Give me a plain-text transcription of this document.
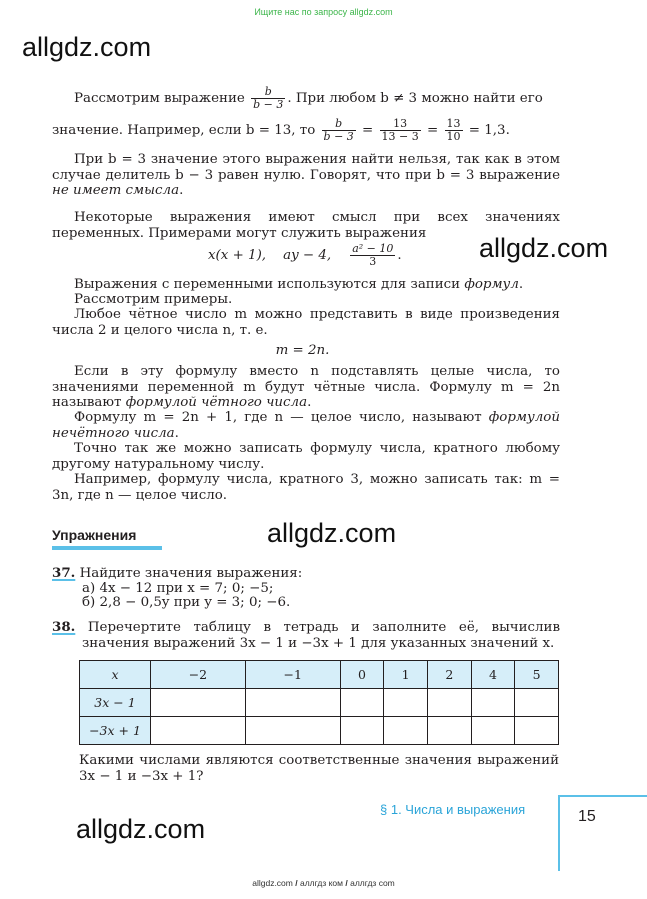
Ищите нас по запросу allgdz.com
allgdz.com
allgdz.com
allgdz.com
allgdz.com
Рассмотрим выражение $\frac{b}{b - 3}$ . При любом b ≠ 3 можно найти его
значение. Например, если b = 13, то $\frac{b}{b - 3} = \frac{13}{13 - 3} = \frac{13}{10} = 1,3$.
При b = 3 значение этого выражения найти нельзя, так как в этом случае делитель b − 3 равен нулю. Говорят, что при b = 3 выражение не имеет смысла.
Некоторые выражения имеют смысл при всех значениях переменных. Примерами могут служить выражения
x(x + 1), ay − 4, $\frac{\text{a² − 10}}{3}$ .
Выражения с переменными используются для записи формул.
Рассмотрим примеры.
Любое чётное число m можно представить в виде произведения числа 2 и целого числа n, т. е.
m = 2n.
Если в эту формулу вместо n подставлять целые числа, то значениями переменной m будут чётные числа. Формулу m = 2n называют формулой чётного числа.
Формулу m = 2n + 1, где n — целое число, называют формулой нечётного числа.
Точно так же можно записать формулу числа, кратного любому другому натуральному числу.
Например, формулу числа, кратного 3, можно записать так: m = 3n, где n — целое число.
Упражнения
37. Найдите значения выражения:
а) 4x − 12 при x = 7; 0; −5;
б) 2,8 − 0,5y при y = 3; 0; −6.
38. Перечертите таблицу в тетрадь и заполните её, вычислив значения выражений 3x − 1 и −3x + 1 для указанных значений x.
x	−2	−1	0	1	2	4	5
3x − 1							
−3x + 1							
Какими числами являются соответственные значения выражений 3x − 1 и −3x + 1?
§ 1. Числа и выражения	15
allgdz.com / аллгдз ком / аллгдз com
